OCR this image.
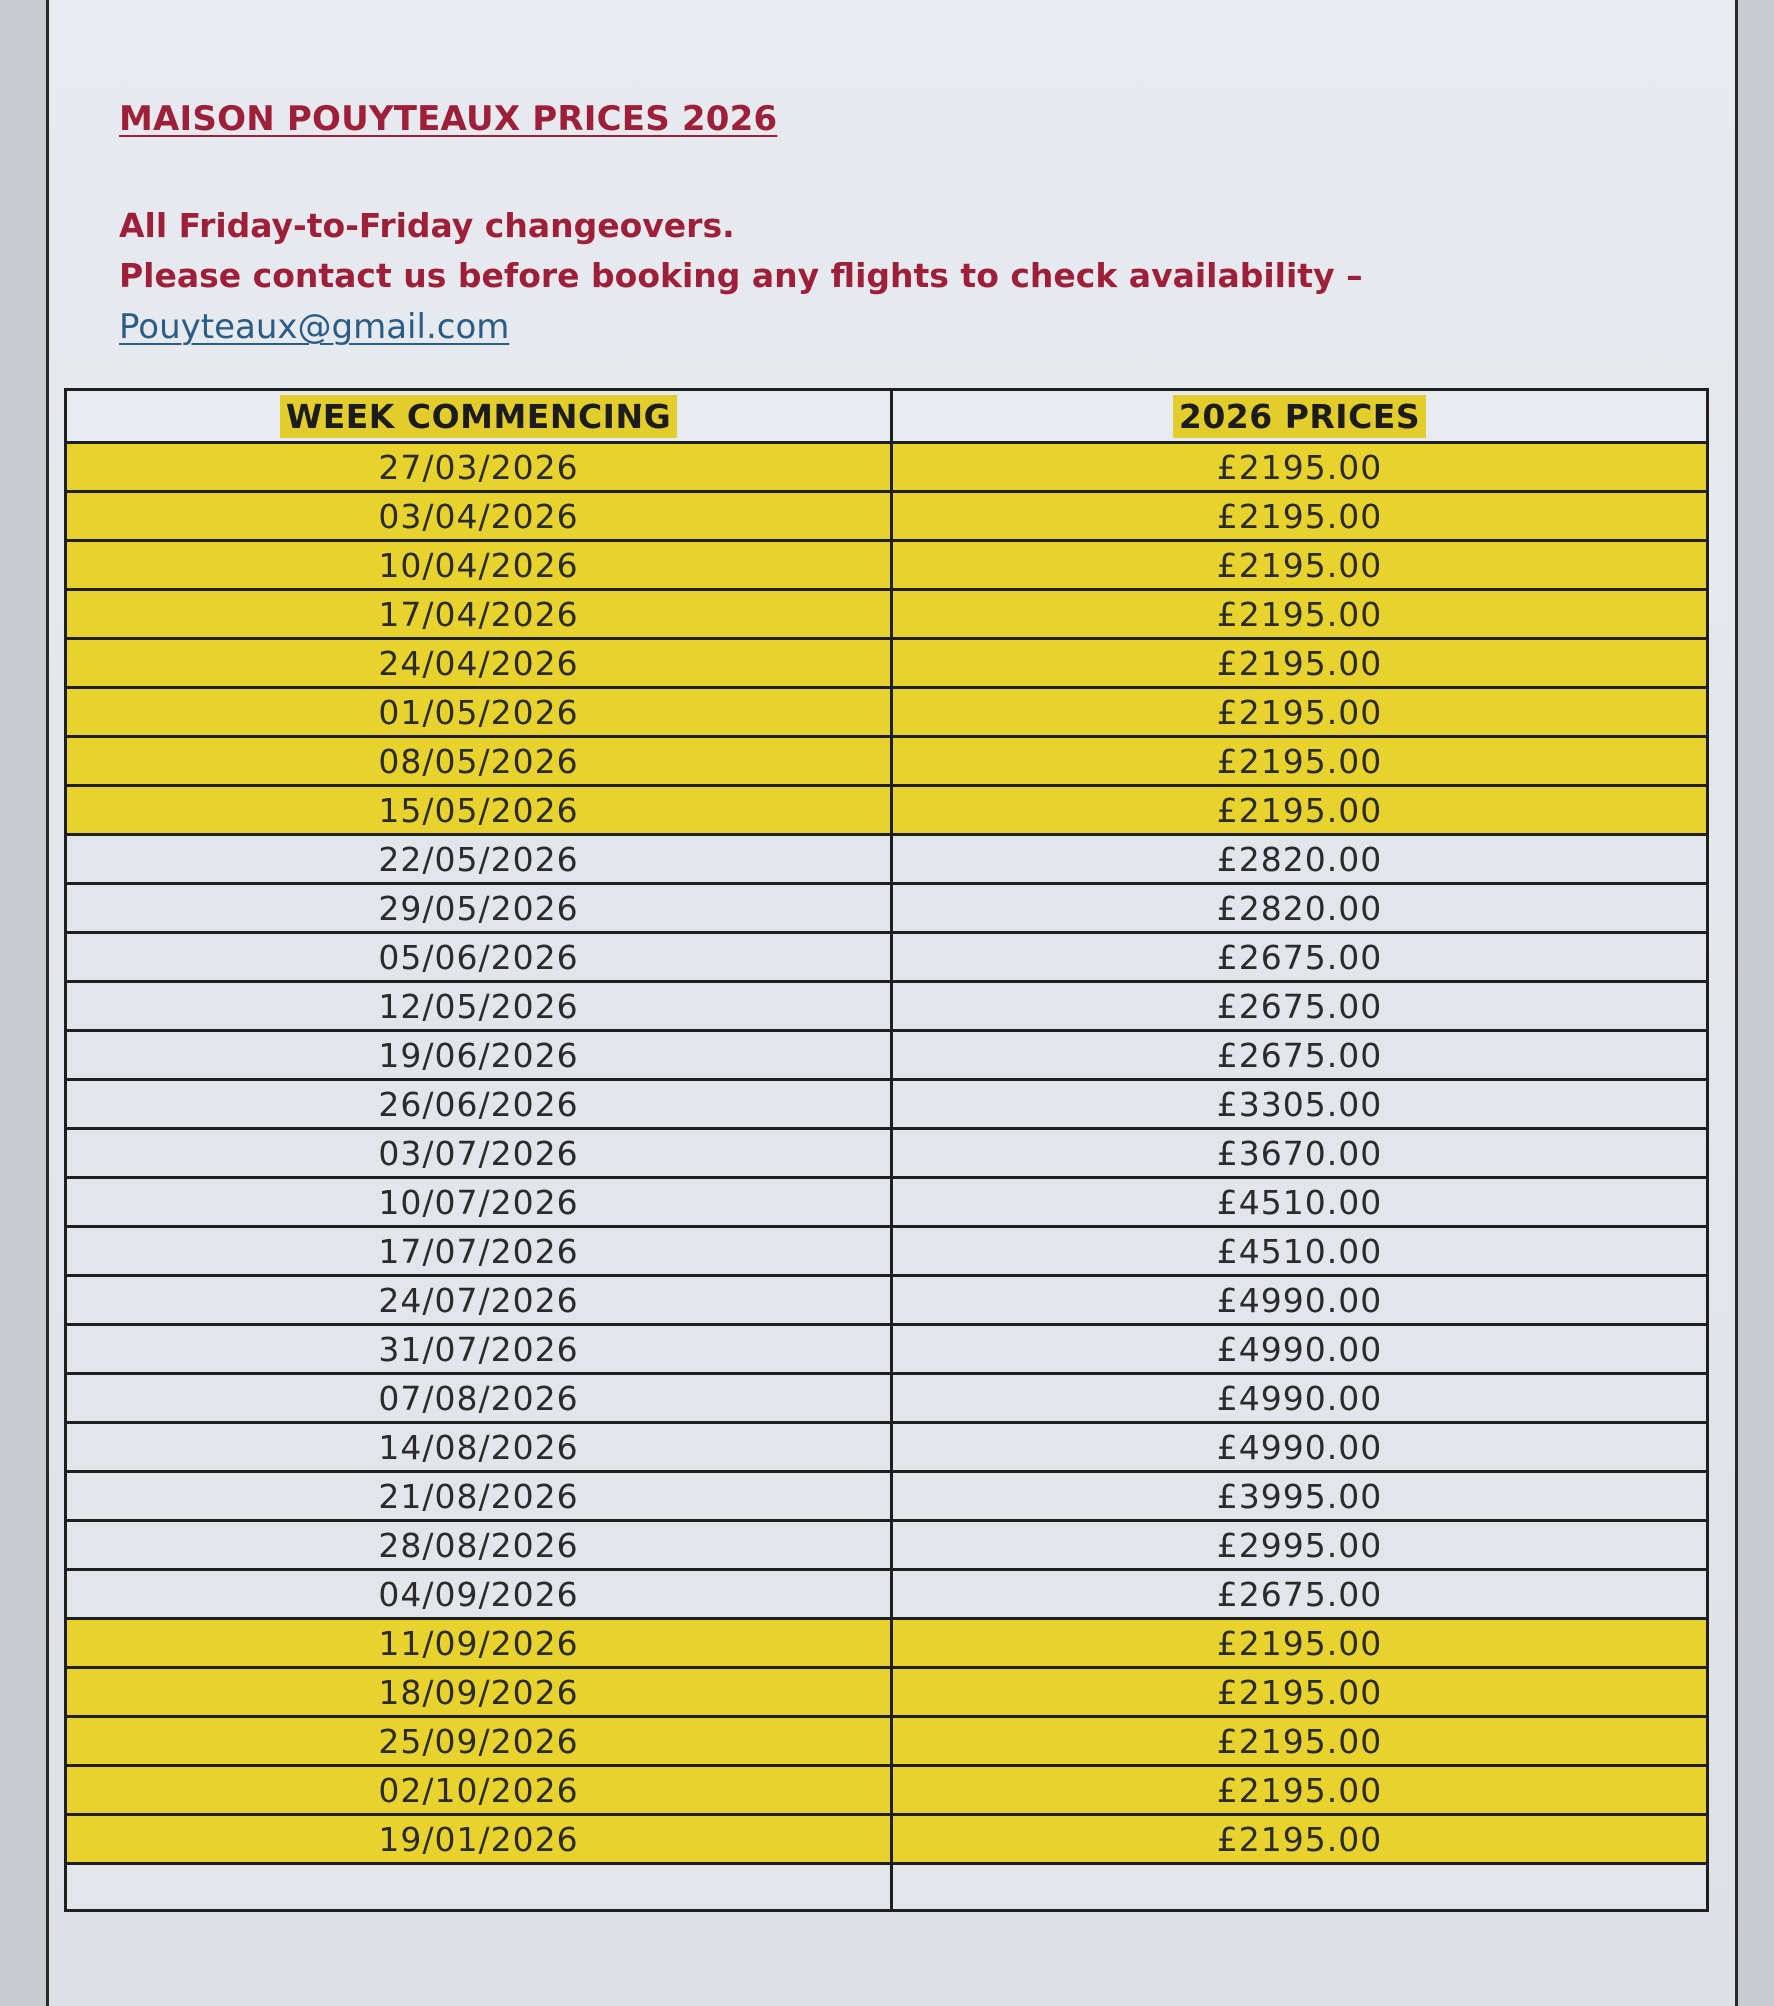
MAISON POUYTEAUX PRICES 2026
All Friday-to-Friday changeovers.
Please contact us before booking any flights to check availability –
Pouyteaux@gmail.com
WEEK COMMENCING	2026 PRICES
27/03/2026	£2195.00
03/04/2026	£2195.00
10/04/2026	£2195.00
17/04/2026	£2195.00
24/04/2026	£2195.00
01/05/2026	£2195.00
08/05/2026	£2195.00
15/05/2026	£2195.00
22/05/2026	£2820.00
29/05/2026	£2820.00
05/06/2026	£2675.00
12/05/2026	£2675.00
19/06/2026	£2675.00
26/06/2026	£3305.00
03/07/2026	£3670.00
10/07/2026	£4510.00
17/07/2026	£4510.00
24/07/2026	£4990.00
31/07/2026	£4990.00
07/08/2026	£4990.00
14/08/2026	£4990.00
21/08/2026	£3995.00
28/08/2026	£2995.00
04/09/2026	£2675.00
11/09/2026	£2195.00
18/09/2026	£2195.00
25/09/2026	£2195.00
02/10/2026	£2195.00
19/01/2026	£2195.00
